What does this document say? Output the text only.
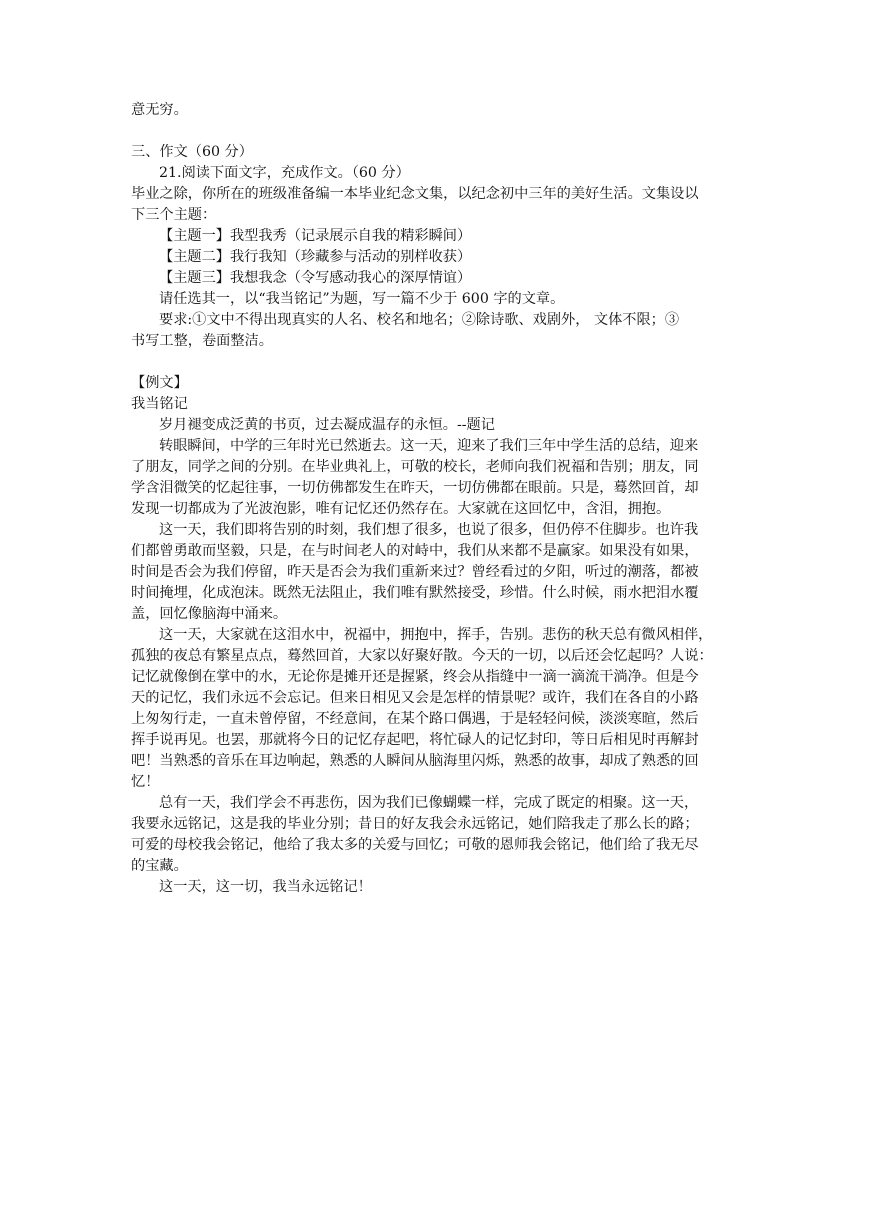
意无穷。
三、作文（60 分）
21.阅读下面文字，充成作文。（60 分）
毕业之除，你所在的班级准备编一本毕业纪念文集，以纪念初中三年的美好生活。文集设以
下三个主题：
【主题一】我型我秀（记录展示自我的精彩瞬间）
【主题二】我行我知（珍藏参与活动的别样收获）
【主题三】我想我念（令写感动我心的深厚情谊）
请任选其一，以“我当铭记”为题，写一篇不少于 600 字的文章。
要求:①文中不得出现真实的人名、校名和地名；②除诗歌、戏剧外， 文体不限；③
书写工整，卷面整洁。
【例文】
我当铭记
岁月褪变成泛黄的书页，过去凝成温存的永恒。--题记
转眼瞬间，中学的三年时光已然逝去。这一天，迎来了我们三年中学生活的总结，迎来
了朋友，同学之间的分别。在毕业典礼上，可敬的校长，老师向我们祝福和告别；朋友，同
学含泪微笑的忆起往事，一切仿佛都发生在昨天，一切仿佛都在眼前。只是，蓦然回首，却
发现一切都成为了光波泡影，唯有记忆还仍然存在。大家就在这回忆中，含泪，拥抱。
这一天，我们即将告别的时刻，我们想了很多，也说了很多，但仍停不住脚步。也许我
们都曾勇敢而坚毅，只是，在与时间老人的对峙中，我们从来都不是赢家。如果没有如果，
时间是否会为我们停留，昨天是否会为我们重新来过？曾经看过的夕阳，听过的潮落，都被
时间掩埋，化成泡沫。既然无法阻止，我们唯有默然接受，珍惜。什么时候，雨水把泪水覆
盖，回忆像脑海中涌来。
这一天，大家就在这泪水中，祝福中，拥抱中，挥手，告别。悲伤的秋天总有微风相伴，
孤独的夜总有繁星点点，蓦然回首，大家以好聚好散。今天的一切，以后还会忆起吗？人说：
记忆就像倒在掌中的水，无论你是摊开还是握紧，终会从指缝中一滴一滴流干淌净。但是今
天的记忆，我们永远不会忘记。但来日相见又会是怎样的情景呢？或许，我们在各自的小路
上匆匆行走，一直未曾停留，不经意间，在某个路口偶遇，于是轻轻问候，淡淡寒暄，然后
挥手说再见。也罢，那就将今日的记忆存起吧，将忙碌人的记忆封印，等日后相见时再解封
吧！当熟悉的音乐在耳边响起，熟悉的人瞬间从脑海里闪烁，熟悉的故事，却成了熟悉的回
忆！
总有一天，我们学会不再悲伤，因为我们已像蝴蝶一样，完成了既定的相聚。这一天，
我要永远铭记，这是我的毕业分别；昔日的好友我会永远铭记，她们陪我走了那么长的路；
可爱的母校我会铭记，他给了我太多的关爱与回忆；可敬的恩师我会铭记，他们给了我无尽
的宝藏。
这一天，这一切，我当永远铭记！
